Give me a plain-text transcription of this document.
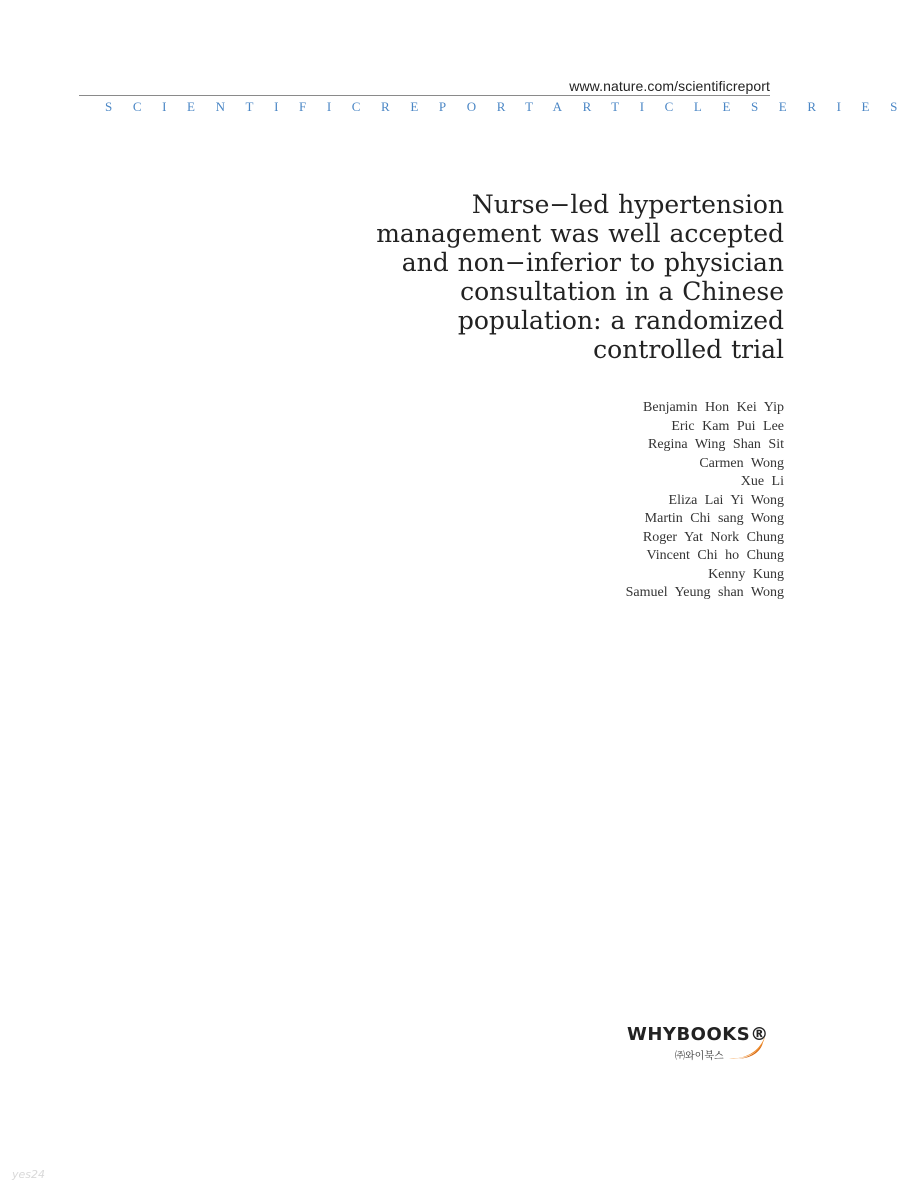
www.nature.com/scientificreport
SCIENTIFICREPORTARTICLESERIES
Nurse−led hypertension
management was well accepted
and non−inferior to physician
consultation in a Chinese
population: a randomized
controlled trial
Benjamin Hon Kei Yip
Eric Kam Pui Lee
Regina Wing Shan Sit
Carmen Wong
Xue Li
Eliza Lai Yi Wong
Martin Chi sang Wong
Roger Yat Nork Chung
Vincent Chi ho Chung
Kenny Kung
Samuel Yeung shan Wong
WHYBOOKS®
㈜와이북스
yes24
